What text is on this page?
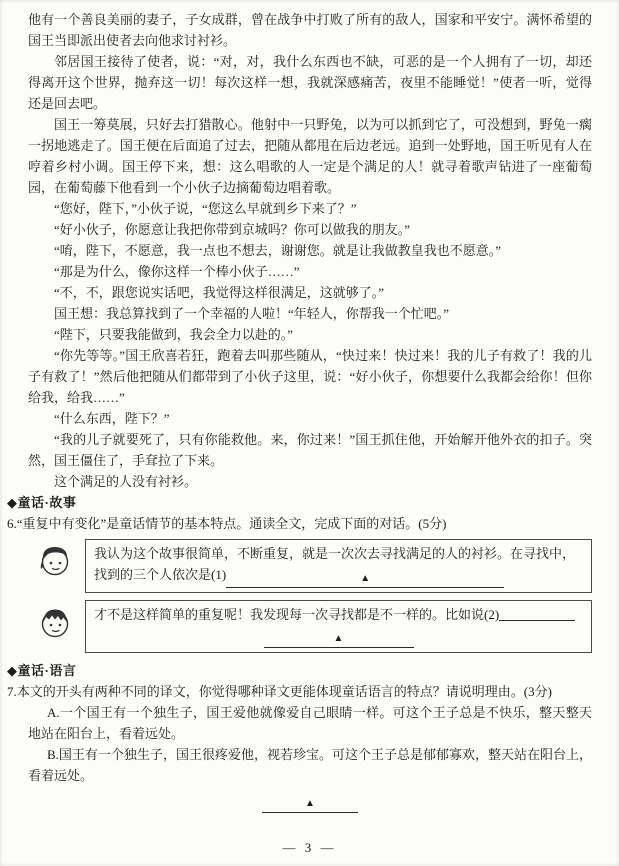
他有一个善良美丽的妻子，子女成群，曾在战争中打败了所有的敌人，国家和平安宁。满怀希望的国王当即派出使者去向他求讨衬衫。

邻居国王接待了使者，说：“对，对，我什么东西也不缺，可恶的是一个人拥有了一切，却还得离开这个世界，抛弃这一切！每次这样一想，我就深感痛苦，夜里不能睡觉！”使者一听，觉得还是回去吧。

国王一筹莫展，只好去打猎散心。他射中一只野兔，以为可以抓到它了，可没想到，野兔一瘸一拐地逃走了。国王便在后面追了过去，把随从都甩在后边老远。追到一处野地，国王听见有人在哼着乡村小调。国王停下来，想：这么唱歌的人一定是个满足的人！就寻着歌声钻进了一座葡萄园，在葡萄藤下他看到一个小伙子边摘葡萄边唱着歌。

“您好，陛下，”小伙子说，“您这么早就到乡下来了？”

“好小伙子，你愿意让我把你带到京城吗？你可以做我的朋友。”

“唷，陛下，不愿意，我一点也不想去，谢谢您。就是让我做教皇我也不愿意。”

“那是为什么，像你这样一个棒小伙子……”

“不，不，跟您说实话吧，我觉得这样很满足，这就够了。”

国王想：我总算找到了一个幸福的人啦！“年轻人，你帮我一个忙吧。”

“陛下，只要我能做到，我会全力以赴的。”

“你先等等。”国王欣喜若狂，跑着去叫那些随从，“快过来！快过来！我的儿子有救了！我的儿子有救了！”然后他把随从们都带到了小伙子这里，说：“好小伙子，你想要什么我都会给你！但你给我，给我……”

“什么东西，陛下？”

“我的儿子就要死了，只有你能救他。来，你过来！”国王抓住他，开始解开他外衣的扣子。突然，国王僵住了，手耷拉了下来。

这个满足的人没有衬衫。

◆童话·故事
6.“重复中有变化”是童话情节的基本特点。通读全文，完成下面的对话。(5分)
我认为这个故事很简单，不断重复，就是一次次去寻找满足的人的衬衫。在寻找中，找到的三个人依次是(1)	▲
才不是这样简单的重复呢！我发现每一次寻找都是不一样的。比如说(2)
▲
◆童话·语言
7.本文的开头有两种不同的译文，你觉得哪种译文更能体现童话语言的特点？请说明理由。(3分)

A.一个国王有一个独生子，国王爱他就像爱自己眼睛一样。可这个王子总是不快乐，整天整天地站在阳台上，看着远处。

B.国王有一个独生子，国王很疼爱他，视若珍宝。可这个王子总是郁郁寡欢，整天站在阳台上，看着远处。

▲
— 3 —
